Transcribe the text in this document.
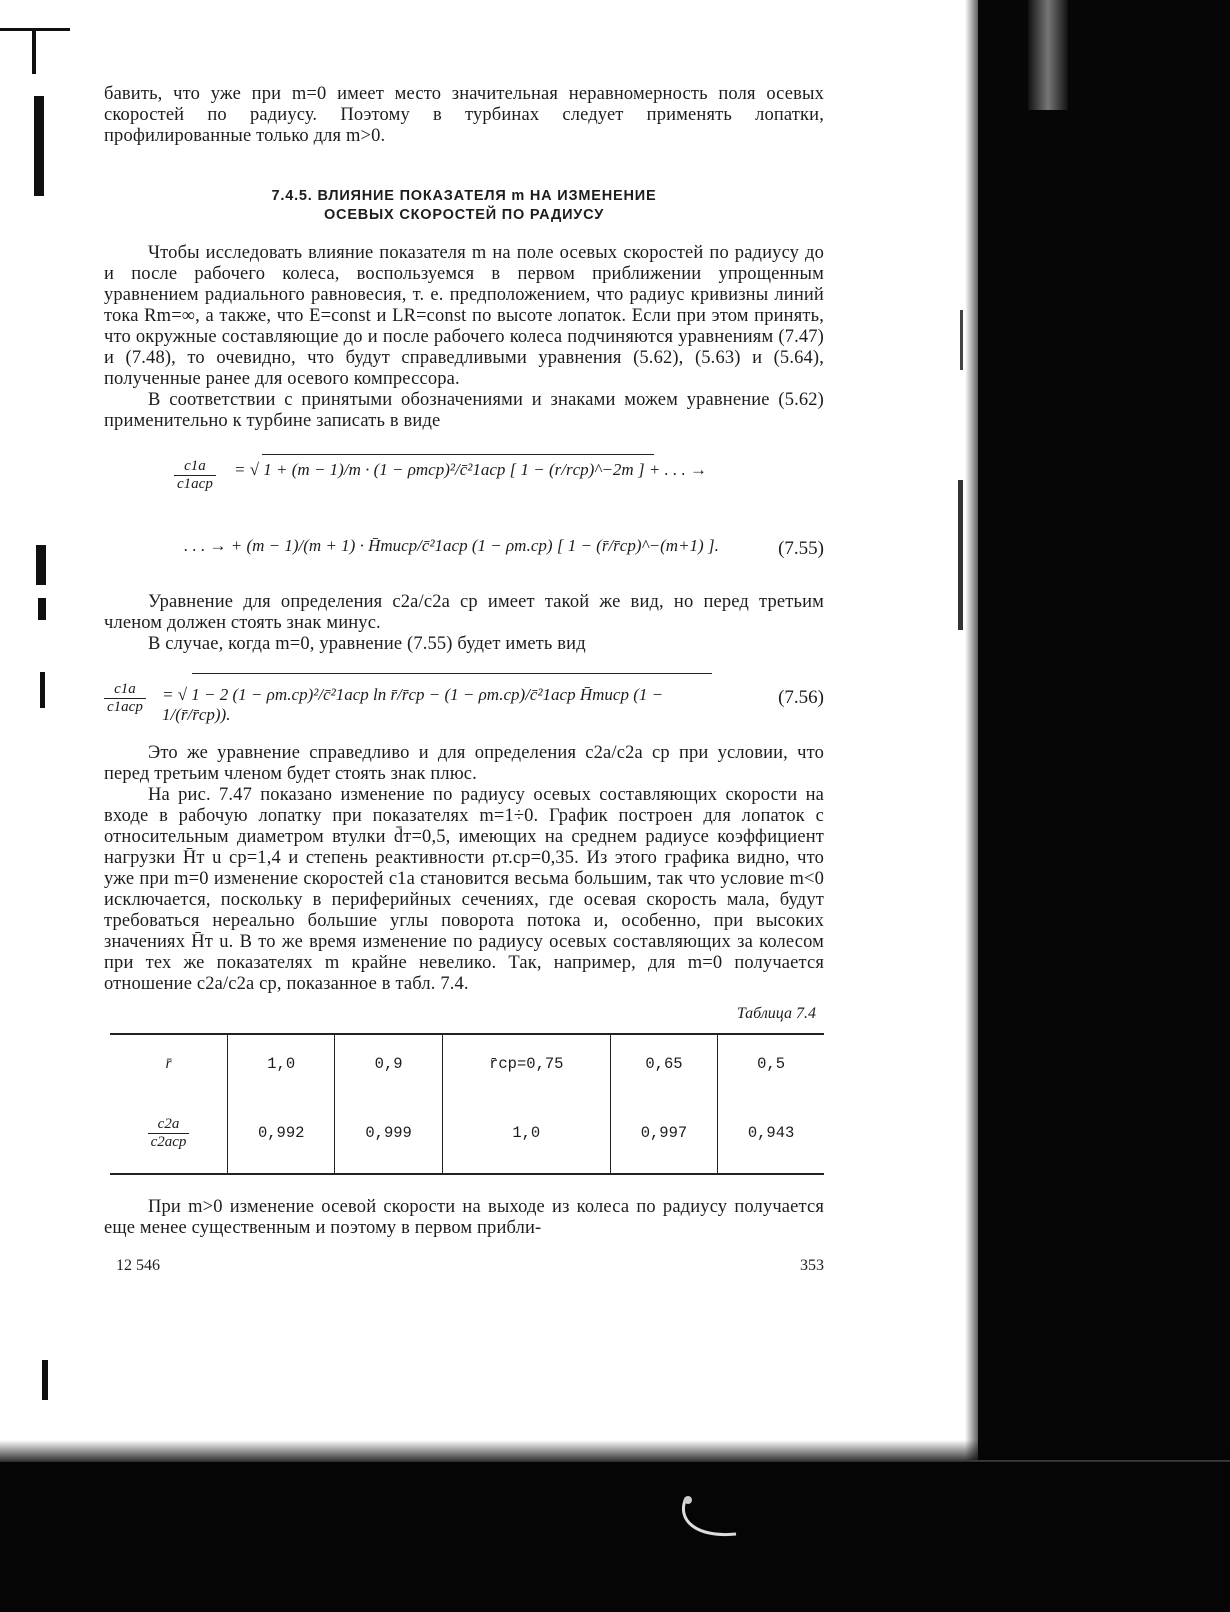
бавить, что уже при m=0 имеет место значительная неравномерность поля осевых скоростей по радиусу. Поэтому в турбинах следует применять лопатки, профилированные только для m>0.

7.4.5. ВЛИЯНИЕ ПОКАЗАТЕЛЯ m НА ИЗМЕНЕНИЕ
ОСЕВЫХ СКОРОСТЕЙ ПО РАДИУСУ

Чтобы исследовать влияние показателя m на поле осевых скоростей по радиусу до и после рабочего колеса, воспользуемся в первом приближении упрощенным уравнением радиального равновесия, т. е. предположением, что радиус кривизны линий тока Rm=∞, а также, что E=const и LR=const по высоте лопаток. Если при этом принять, что окружные составляющие до и после рабочего колеса подчиняются уравнениям (7.47) и (7.48), то очевидно, что будут справедливыми уравнения (5.62), (5.63) и (5.64), полученные ранее для осевого компрессора.

В соответствии с принятыми обозначениями и знаками можем уравнение (5.62) применительно к турбине записать в виде

c1a
c1acp
= √ 1 + (m − 1)/m · (1 − ρтср)²/c̄²1acp [ 1 − (r/rср)^−2m ] + . . . →
. . . → + (m − 1)/(m + 1) · H̄тucp/c̄²1acp (1 − ρт.ср) [ 1 − (r̄/r̄ср)^−(m+1) ].	(7.55)

Уравнение для определения c2a/c2a ср имеет такой же вид, но перед третьим членом должен стоять знак минус.

В случае, когда m=0, уравнение (7.55) будет иметь вид

c1a
c1acp
= √ 1 − 2 (1 − ρт.ср)²/c̄²1acp ln r̄/r̄ср − (1 − ρт.ср)/c̄²1acp H̄тucp (1 − 1/(r̄/r̄ср)).
(7.56)

Это же уравнение справедливо и для определения c2a/c2a ср при условии, что перед третьим членом будет стоять знак плюс.

На рис. 7.47 показано изменение по радиусу осевых составляющих скорости на входе в рабочую лопатку при показателях m=1÷0. График построен для лопаток с относительным диаметром втулки d̄т=0,5, имеющих на среднем радиусе коэффициент нагрузки H̄т u ср=1,4 и степень реактивности ρт.ср=0,35. Из этого графика видно, что уже при m=0 изменение скоростей c1a становится весьма большим, так что условие m<0 исключается, поскольку в периферийных сечениях, где осевая скорость мала, будут требоваться нереально большие углы поворота потока и, особенно, при высоких значениях H̄т u. В то же время изменение по радиусу осевых составляющих за колесом при тех же показателях m крайне невелико. Так, например, для m=0 получается отношение c2a/c2a ср, показанное в табл. 7.4.

Таблица 7.4
r̄	1,0	0,9	r̄ср=0,75	0,65	0,5

$\frac{c2a}{\text{c2acp}}$	0,992	0,999	1,0	0,997	0,943

При m>0 изменение осевой скорости на выходе из колеса по радиусу получается еще менее существенным и поэтому в первом прибли-

12 546	353
